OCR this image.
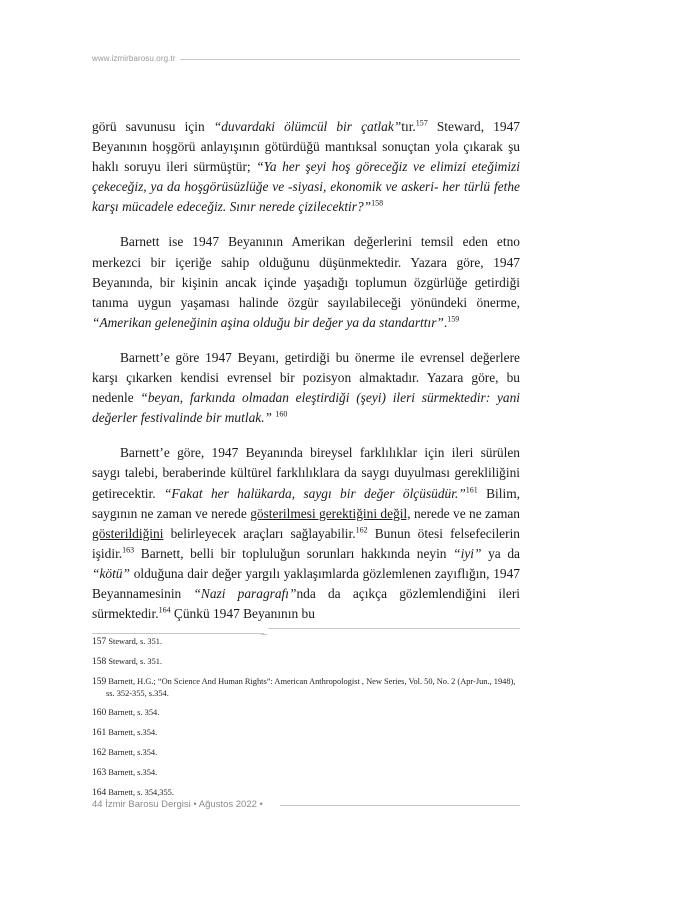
www.izmirbarosu.org.tr

görü savunusu için “duvardaki ölümcül bir çatlak”tır.$^{157}$ Steward, 1947 Beyanının hoşgörü anlayışının götürdüğü mantıksal sonuçtan yola çıkarak şu haklı soruyu ileri sürmüştür; “Ya her şeyi hoş göreceğiz ve elimizi eteğimizi çekeceğiz, ya da hoşgörüsüzlüğe ve -siyasi, ekonomik ve askeri- her türlü fethe karşı mücadele edeceğiz. Sınır nerede çizilecektir?”$^{158}$

Barnett ise 1947 Beyanının Amerikan değerlerini temsil eden etno merkezci bir içeriğe sahip olduğunu düşünmektedir. Yazara göre, 1947 Beyanında, bir kişinin ancak içinde yaşadığı toplumun özgürlüğe getirdiği tanıma uygun yaşaması halinde özgür sayılabileceği yönündeki önerme, “Amerikan geleneğinin aşina olduğu bir değer ya da standarttır”.$^{159}$

Barnett’e göre 1947 Beyanı, getirdiği bu önerme ile evrensel değerlere karşı çıkarken kendisi evrensel bir pozisyon almaktadır. Yazara göre, bu nedenle “beyan, farkında olmadan eleştirdiği (şeyi) ileri sürmektedir: yani değerler festivalinde bir mutlak.” $^{160}$

Barnett’e göre, 1947 Beyanında bireysel farklılıklar için ileri sürülen saygı talebi, beraberinde kültürel farklılıklara da saygı duyulması gerekliliğini getirecektir. “Fakat her halükarda, saygı bir değer ölçüsüdür.”$^{161}$ Bilim, saygının ne zaman ve nerede gösterilmesi gerektiğini değil, nerede ve ne zaman gösterildiğini belirleyecek araçları sağlayabilir.$^{162}$ Bunun ötesi felsefecilerin işidir.$^{163}$ Barnett, belli bir topluluğun sorunları hakkında neyin “iyi” ya da “kötü” olduğuna dair değer yargılı yaklaşımlarda gözlemlenen zayıflığın, 1947 Beyannamesinin “Nazi paragrafı”nda da açıkça gözlemlendiğini ileri sürmektedir.$^{164}$ Çünkü 1947 Beyanının bu

157 Steward, s. 351.
158 Steward, s. 351.
159 Barnett, H.G.; “On Science And Human Rights”: American Anthropologist , New Series, Vol. 50, No. 2 (Apr-Jun., 1948), ss. 352-355, s.354.
160 Barnett, s. 354.
161 Barnett, s.354.
162 Barnett, s.354.
163 Barnett, s.354.
164 Barnett, s. 354,355.
44 İzmir Barosu Dergisi • Ağustos 2022 •
